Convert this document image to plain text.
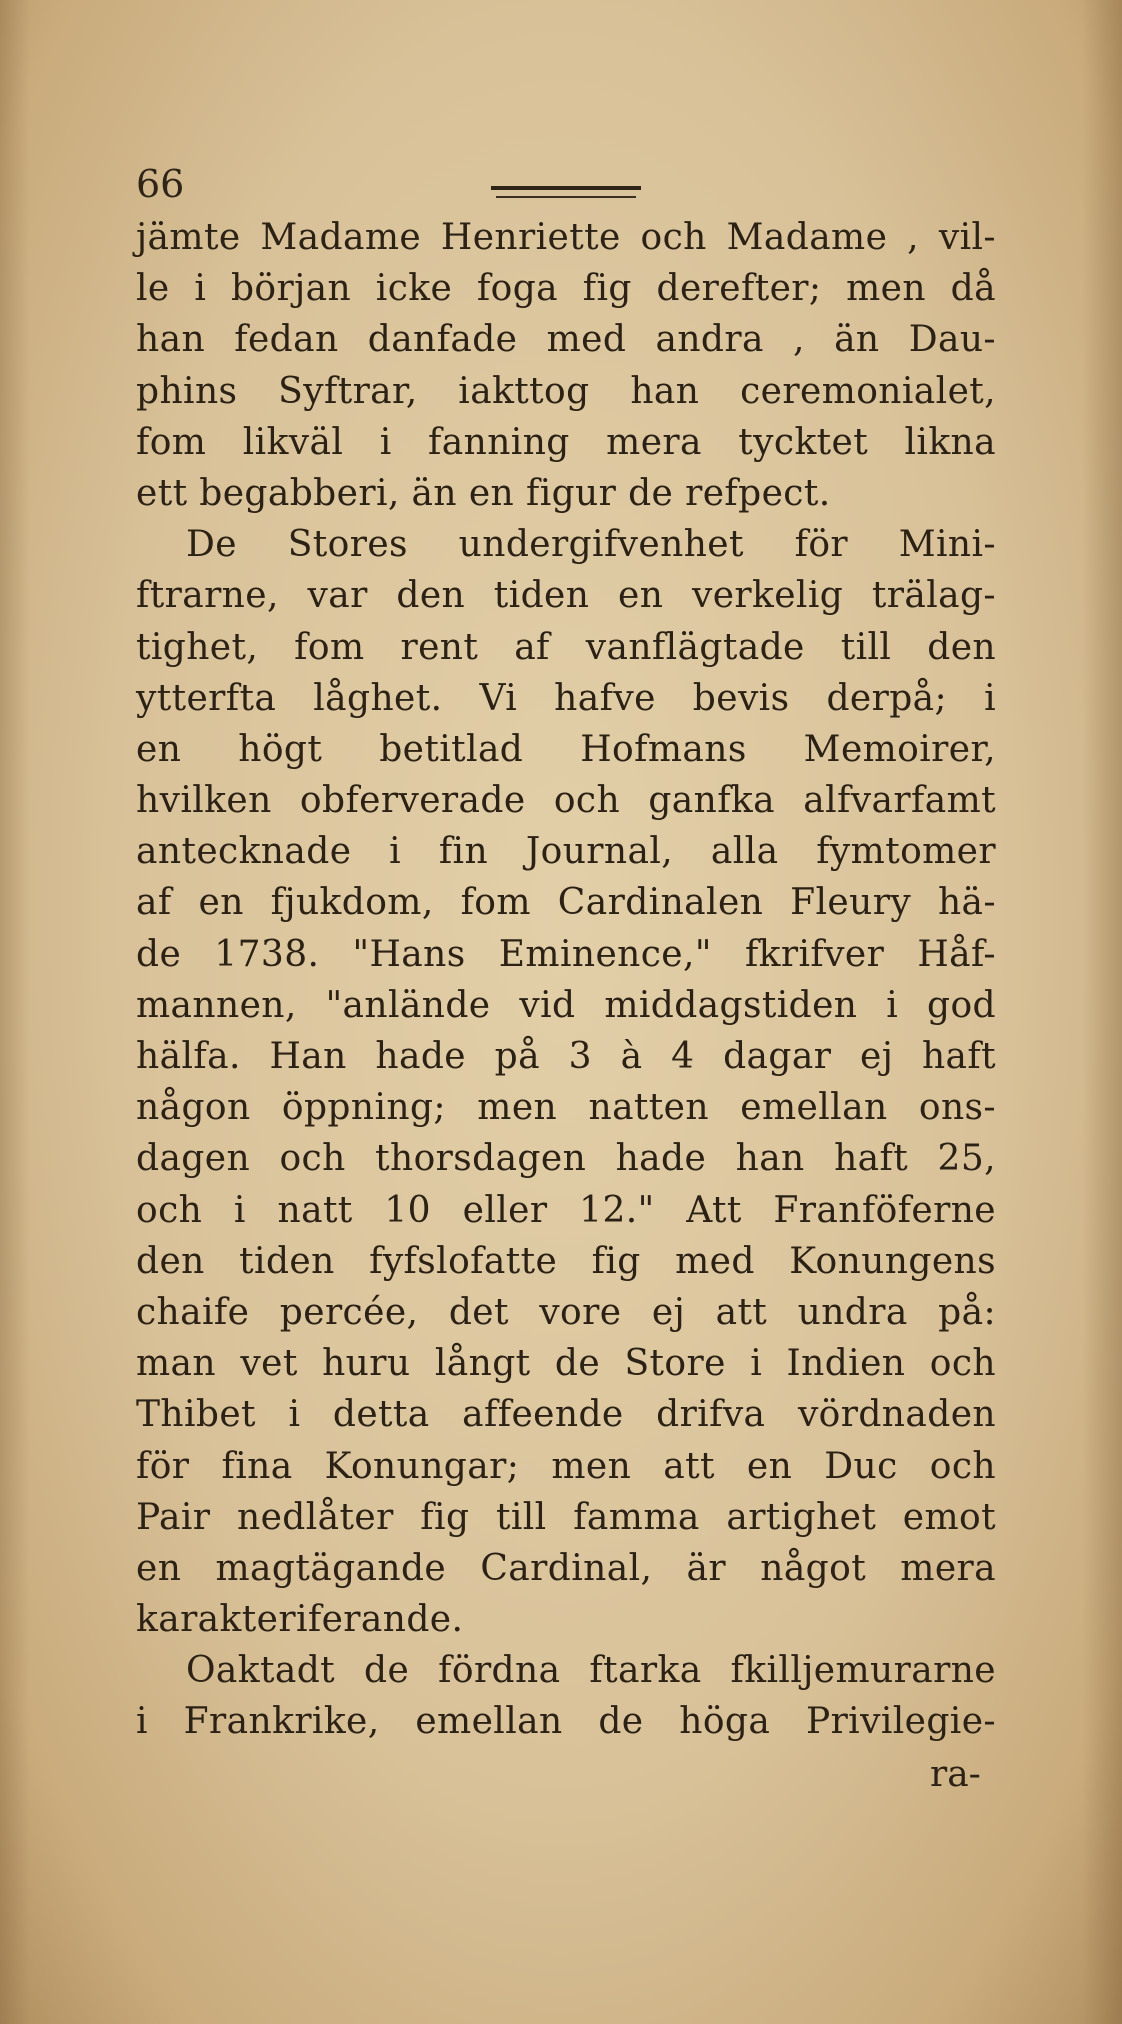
66
jämte Madame Henriette och Madame , vil-
le i början icke foga fig derefter; men då
han fedan danfade med andra , än Dau-
phins Syftrar, iakttog han ceremonialet,
fom likväl i fanning mera tycktet likna
ett begabberi, än en figur de refpect.
De Stores undergifvenhet för Mini-
ftrarne, var den tiden en verkelig trälag-
tighet, fom rent af vanflägtade till den
ytterfta låghet. Vi hafve bevis derpå; i
en högt betitlad Hofmans Memoirer,
hvilken obferverade och ganfka alfvarfamt
antecknade i fin Journal, alla fymtomer
af en fjukdom, fom Cardinalen Fleury hä-
de 1738. "Hans Eminence," fkrifver Håf-
mannen, "anlände vid middagstiden i god
hälfa. Han hade på 3 à 4 dagar ej haft
någon öppning; men natten emellan ons-
dagen och thorsdagen hade han haft 25,
och i natt 10 eller 12." Att Franföferne
den tiden fyfslofatte fig med Konungens
chaife percée, det vore ej att undra på:
man vet huru långt de Store i Indien och
Thibet i detta affeende drifva vördnaden
för fina Konungar; men att en Duc och
Pair nedlåter fig till famma artighet emot
en magtägande Cardinal, är något mera
karakteriferande.
Oaktadt de fördna ftarka fkilljemurarne
i Frankrike, emellan de höga Privilegie-
ra-
